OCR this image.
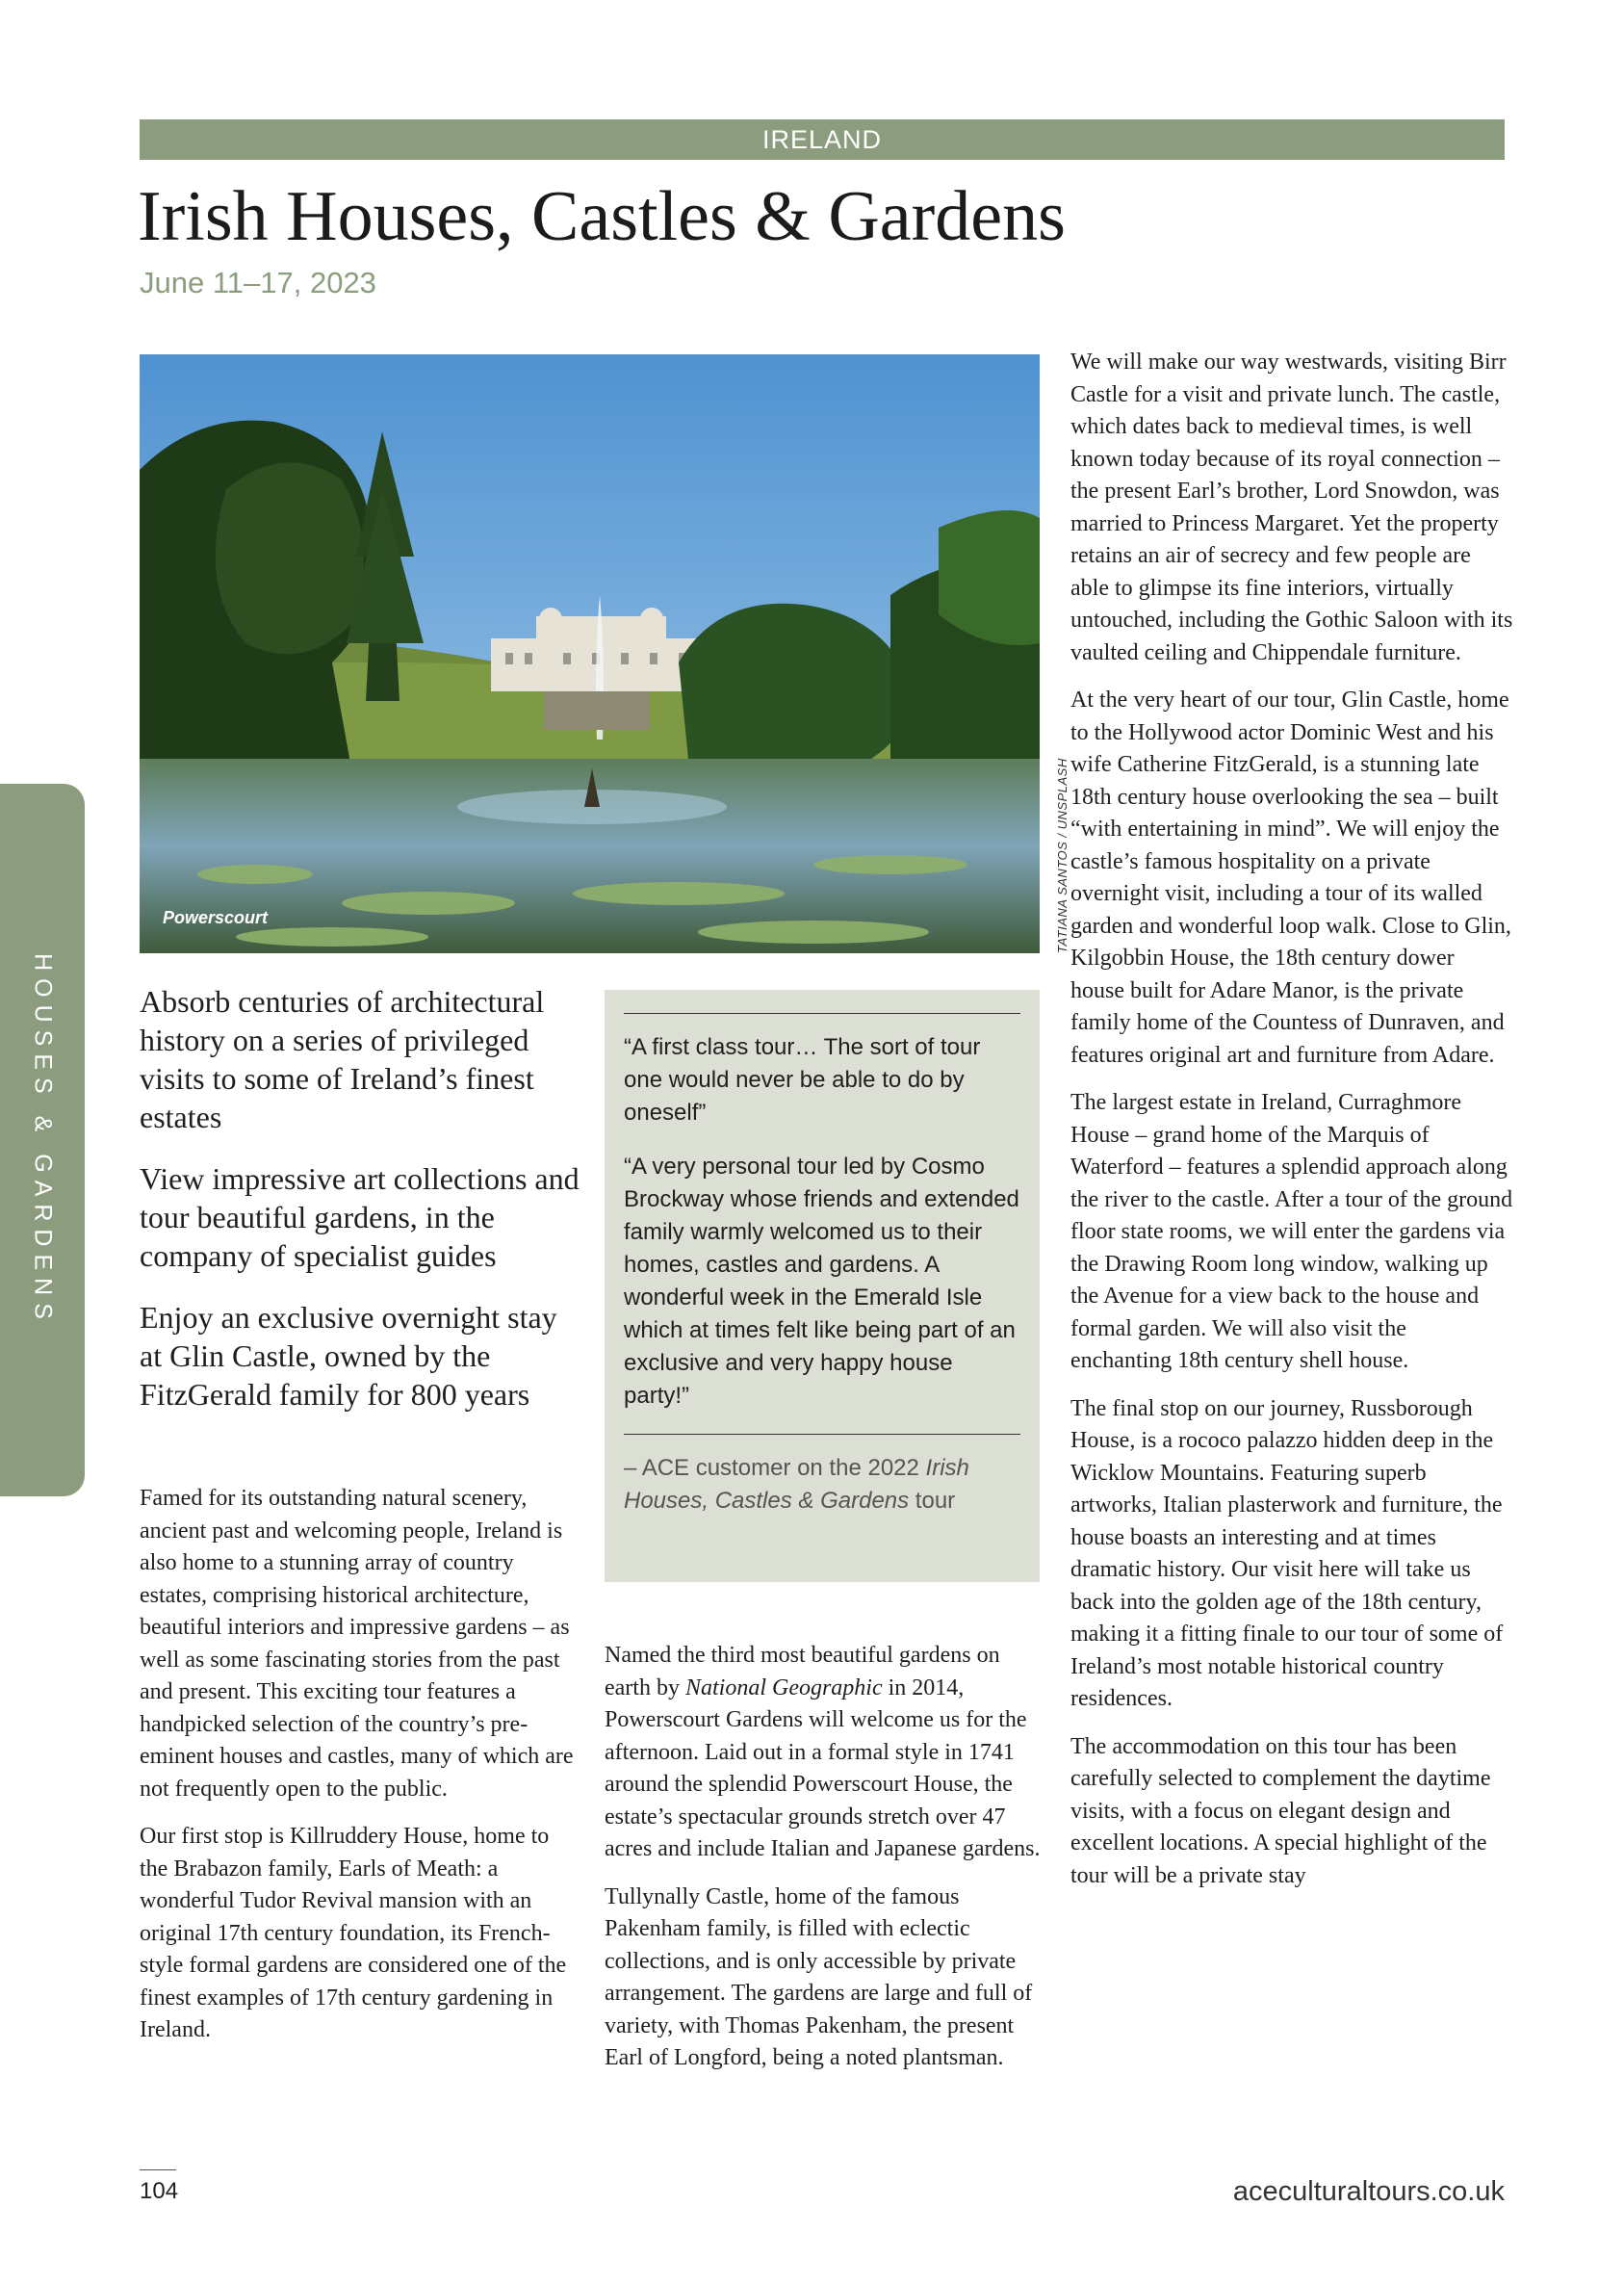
IRELAND
Irish Houses, Castles & Gardens
June 11–17, 2023
HOUSES & GARDENS
Powerscourt	TATIANA SANTOS / UNSPLASH

Absorb centuries of architectural history on a series of privileged visits to some of Ireland’s finest estates

View impressive art collections and tour beautiful gardens, in the company of specialist guides

Enjoy an exclusive overnight stay at Glin Castle, owned by the FitzGerald family for 800 years

“A first class tour… The sort of tour one would never be able to do by oneself”

“A very personal tour led by Cosmo Brockway whose friends and extended family warmly welcomed us to their homes, castles and gardens. A wonderful week in the Emerald Isle which at times felt like being part of an exclusive and very happy house party!”

– ACE customer on the 2022 Irish Houses, Castles & Gardens tour

Famed for its outstanding natural scenery, ancient past and welcoming people, Ireland is also home to a stunning array of country estates, comprising historical architecture, beautiful interiors and impressive gardens – as well as some fascinating stories from the past and present. This exciting tour features a handpicked selection of the country’s pre-eminent houses and castles, many of which are not frequently open to the public.

Our first stop is Killruddery House, home to the Brabazon family, Earls of Meath: a wonderful Tudor Revival mansion with an original 17th century foundation, its French-style formal gardens are considered one of the finest examples of 17th century gardening in Ireland.

Named the third most beautiful gardens on earth by National Geographic in 2014, Powerscourt Gardens will welcome us for the afternoon. Laid out in a formal style in 1741 around the splendid Powerscourt House, the estate’s spectacular grounds stretch over 47 acres and include Italian and Japanese gardens.

Tullynally Castle, home of the famous Pakenham family, is filled with eclectic collections, and is only accessible by private arrangement. The gardens are large and full of variety, with Thomas Pakenham, the present Earl of Longford, being a noted plantsman.

We will make our way westwards, visiting Birr Castle for a visit and private lunch. The castle, which dates back to medieval times, is well known today because of its royal connection – the present Earl’s brother, Lord Snowdon, was married to Princess Margaret. Yet the property retains an air of secrecy and few people are able to glimpse its fine interiors, virtually untouched, including the Gothic Saloon with its vaulted ceiling and Chippendale furniture.

At the very heart of our tour, Glin Castle, home to the Hollywood actor Dominic West and his wife Catherine FitzGerald, is a stunning late 18th century house overlooking the sea – built “with entertaining in mind”. We will enjoy the castle’s famous hospitality on a private overnight visit, including a tour of its walled garden and wonderful loop walk. Close to Glin, Kilgobbin House, the 18th century dower house built for Adare Manor, is the private family home of the Countess of Dunraven, and features original art and furniture from Adare.

The largest estate in Ireland, Curraghmore House – grand home of the Marquis of Waterford – features a splendid approach along the river to the castle. After a tour of the ground floor state rooms, we will enter the gardens via the Drawing Room long window, walking up the Avenue for a view back to the house and formal garden. We will also visit the enchanting 18th century shell house.

The final stop on our journey, Russborough House, is a rococo palazzo hidden deep in the Wicklow Mountains. Featuring superb artworks, Italian plasterwork and furniture, the house boasts an interesting and at times dramatic history. Our visit here will take us back into the golden age of the 18th century, making it a fitting finale to our tour of some of Ireland’s most notable historical country residences.

The accommodation on this tour has been carefully selected to complement the daytime visits, with a focus on elegant design and excellent locations. A special highlight of the tour will be a private stay

104	aceculturaltours.co.uk
